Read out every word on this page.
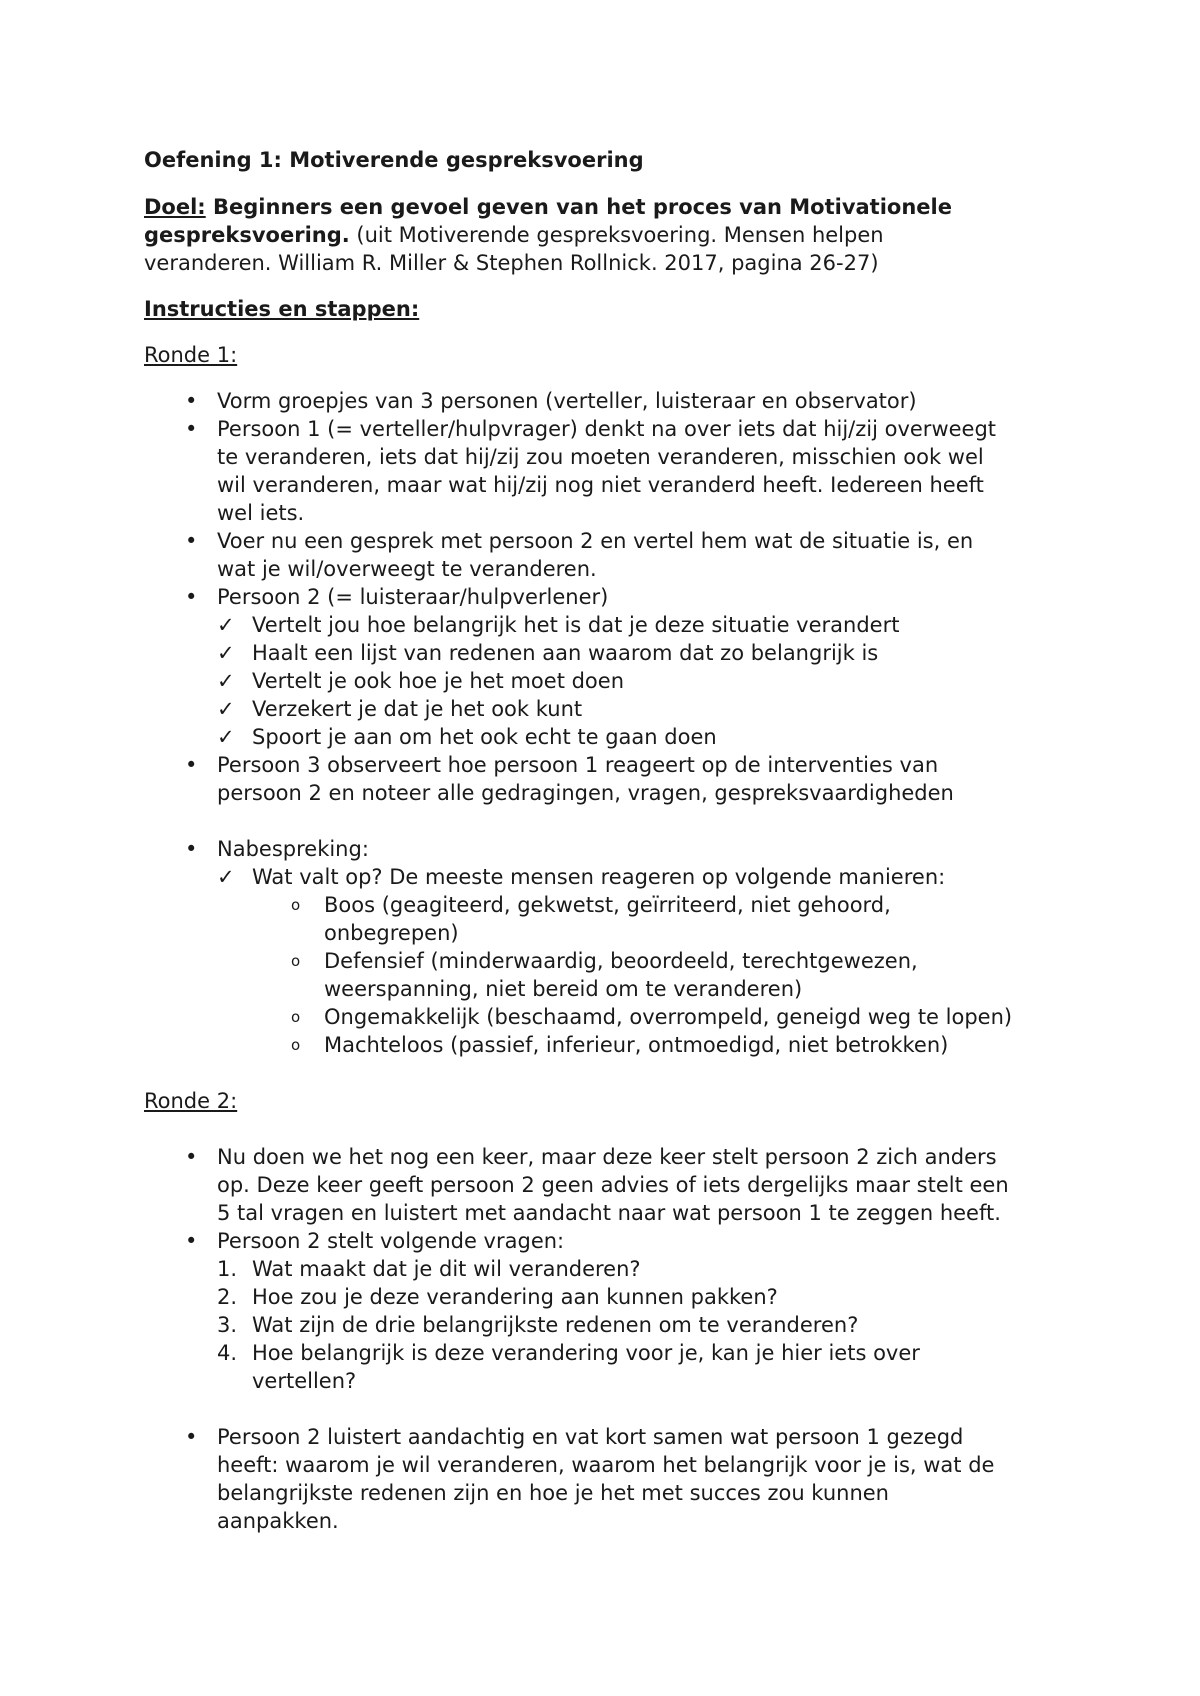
Oefening 1: Motiverende gespreksvoering

Doel: Beginners een gevoel geven van het proces van Motivationele

gespreksvoering. (uit Motiverende gespreksvoering. Mensen helpen

veranderen. William R. Miller & Stephen Rollnick. 2017, pagina 26-27)

Instructies en stappen:

Ronde 1:

• Vorm groepjes van 3 personen (verteller, luisteraar en observator)

• Persoon 1 (= verteller/hulpvrager) denkt na over iets dat hij/zij overweegt

te veranderen, iets dat hij/zij zou moeten veranderen, misschien ook wel

wil veranderen, maar wat hij/zij nog niet veranderd heeft. Iedereen heeft

wel iets.

• Voer nu een gesprek met persoon 2 en vertel hem wat de situatie is, en

wat je wil/overweegt te veranderen.

• Persoon 2 (= luisteraar/hulpverlener)

✓ Vertelt jou hoe belangrijk het is dat je deze situatie verandert

✓ Haalt een lijst van redenen aan waarom dat zo belangrijk is

✓ Vertelt je ook hoe je het moet doen

✓ Verzekert je dat je het ook kunt

✓ Spoort je aan om het ook echt te gaan doen

• Persoon 3 observeert hoe persoon 1 reageert op de interventies van

persoon 2 en noteer alle gedragingen, vragen, gespreksvaardigheden

• Nabespreking:

✓ Wat valt op? De meeste mensen reageren op volgende manieren:

o Boos (geagiteerd, gekwetst, geïrriteerd, niet gehoord,

onbegrepen)

o Defensief (minderwaardig, beoordeeld, terechtgewezen,

weerspanning, niet bereid om te veranderen)

o Ongemakkelijk (beschaamd, overrompeld, geneigd weg te lopen)

o Machteloos (passief, inferieur, ontmoedigd, niet betrokken)

Ronde 2:

• Nu doen we het nog een keer, maar deze keer stelt persoon 2 zich anders

op. Deze keer geeft persoon 2 geen advies of iets dergelijks maar stelt een

5 tal vragen en luistert met aandacht naar wat persoon 1 te zeggen heeft.

• Persoon 2 stelt volgende vragen:

1. Wat maakt dat je dit wil veranderen?

2. Hoe zou je deze verandering aan kunnen pakken?

3. Wat zijn de drie belangrijkste redenen om te veranderen?

4. Hoe belangrijk is deze verandering voor je, kan je hier iets over

vertellen?

• Persoon 2 luistert aandachtig en vat kort samen wat persoon 1 gezegd

heeft: waarom je wil veranderen, waarom het belangrijk voor je is, wat de

belangrijkste redenen zijn en hoe je het met succes zou kunnen

aanpakken.
